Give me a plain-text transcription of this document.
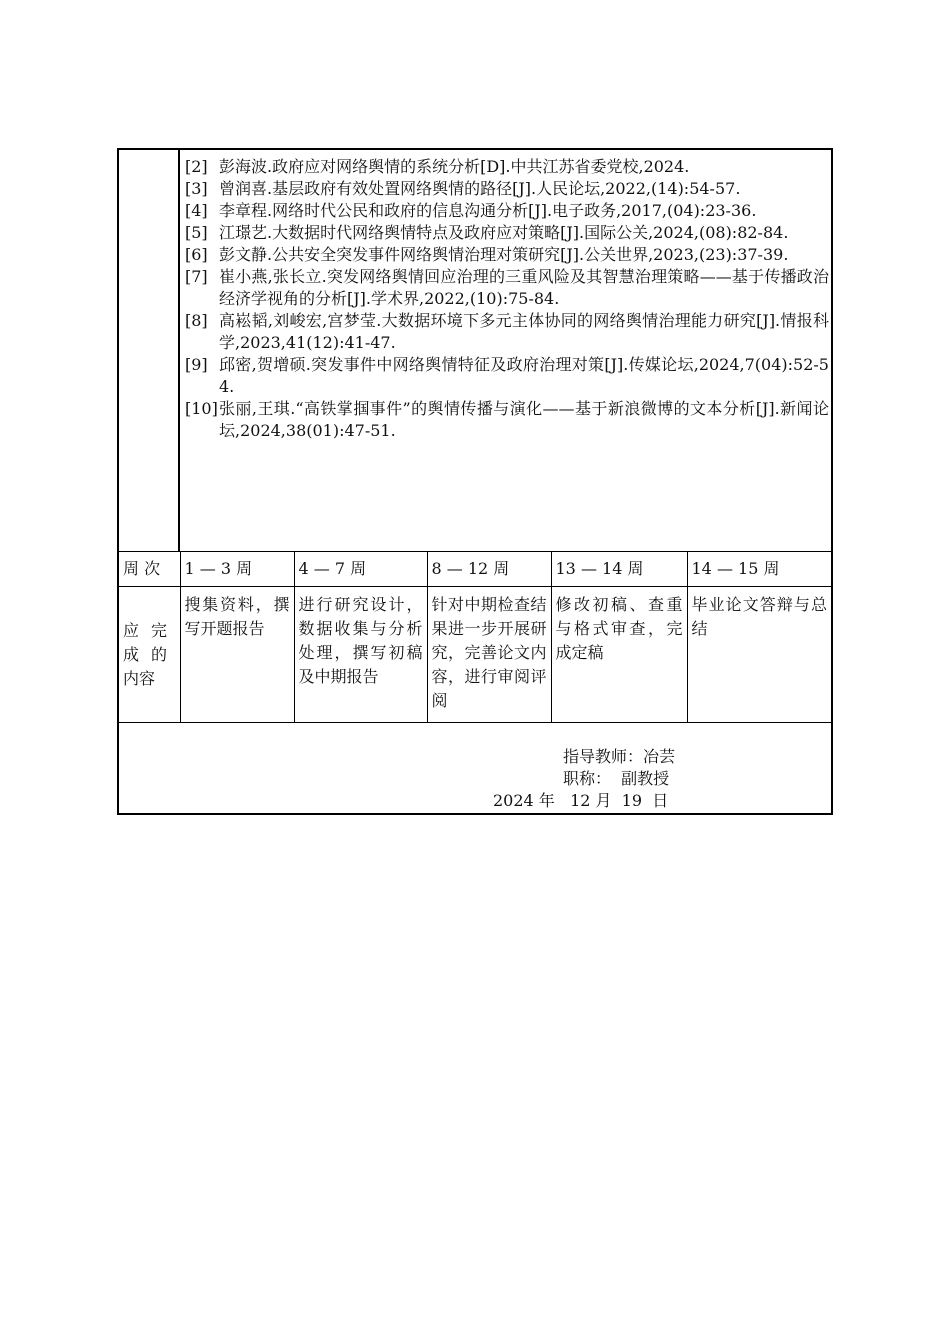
[2] 彭海波.政府应对网络舆情的系统分析[D].中共江苏省委党校,2024.
[3] 曾润喜.基层政府有效处置网络舆情的路径[J].人民论坛,2022,(14):54-57.
[4] 李章程.网络时代公民和政府的信息沟通分析[J].电子政务,2017,(04):23-36.
[5] 江璟艺.大数据时代网络舆情特点及政府应对策略[J].国际公关,2024,(08):82-84.
[6] 彭文静.公共安全突发事件网络舆情治理对策研究[J].公关世界,2023,(23):37-39.
[7] 崔小燕,张长立.突发网络舆情回应治理的三重风险及其智慧治理策略——基于传播政治经济学视角的分析[J].学术界,2022,(10):75-84.
[8] 高崧韬,刘峻宏,宫梦莹.大数据环境下多元主体协同的网络舆情治理能力研究[J].情报科学,2023,41(12):41-47.
[9] 邱密,贺增硕.突发事件中网络舆情特征及政府治理对策[J].传媒论坛,2024,7(04):52-54.
[10] 张丽,王琪.“高铁掌掴事件”的舆情传播与演化——基于新浪微博的文本分析[J].新闻论坛,2024,38(01):47-51.
周 次	1 — 3 周	4 — 7 周	8 — 12 周	13 — 14 周	14 — 15 周

应完成的内容	搜集资料，撰写开题报告	进行研究设计，数据收集与分析处理，撰写初稿及中期报告	针对中期检查结果进一步开展研究，完善论文内容，进行审阅评阅	修改初稿、查重与格式审查，完成定稿	毕业论文答辩与总结
指导教师：冶芸
职称：  副教授
2024 年   12 月  19  日
